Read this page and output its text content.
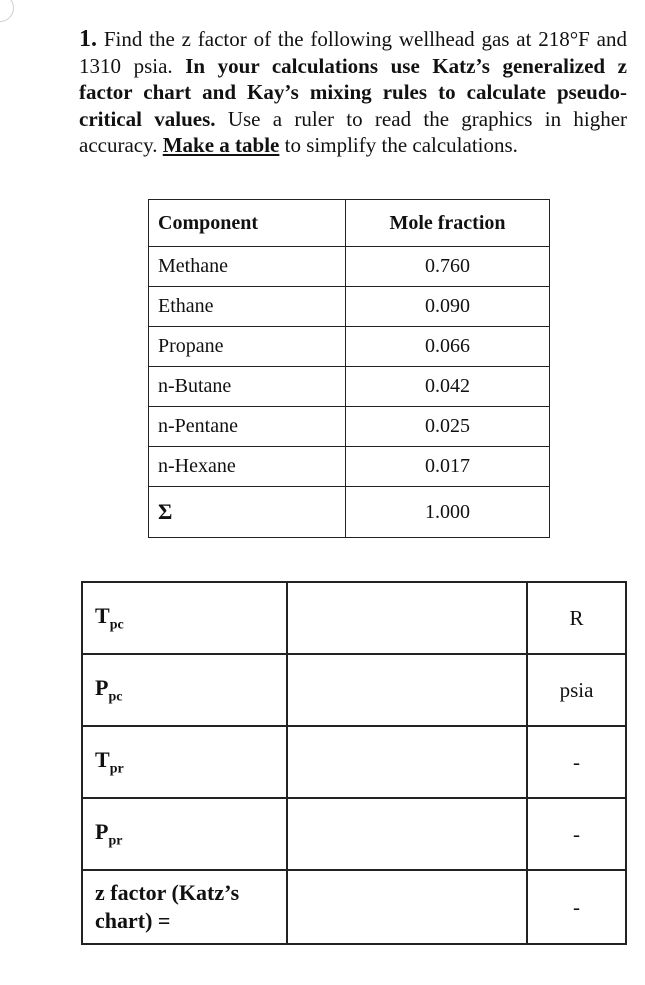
1. Find the z factor of the following wellhead gas at 218°F and 1310 psia. In your calculations use Katz’s generalized z factor chart and Kay’s mixing rules to calculate pseudo-critical values. Use a ruler to read the graphics in higher accuracy. Make a table to simplify the calculations.
Component	Mole fraction
Methane	0.760
Ethane	0.090
Propane	0.066
n-Butane	0.042
n-Pentane	0.025
n-Hexane	0.017
Σ	1.000
$T_{pc}$		R
$P_{pc}$		psia
$T_{pr}$		-
$P_{pr}$		-
z factor (Katz’s
chart) =		-
